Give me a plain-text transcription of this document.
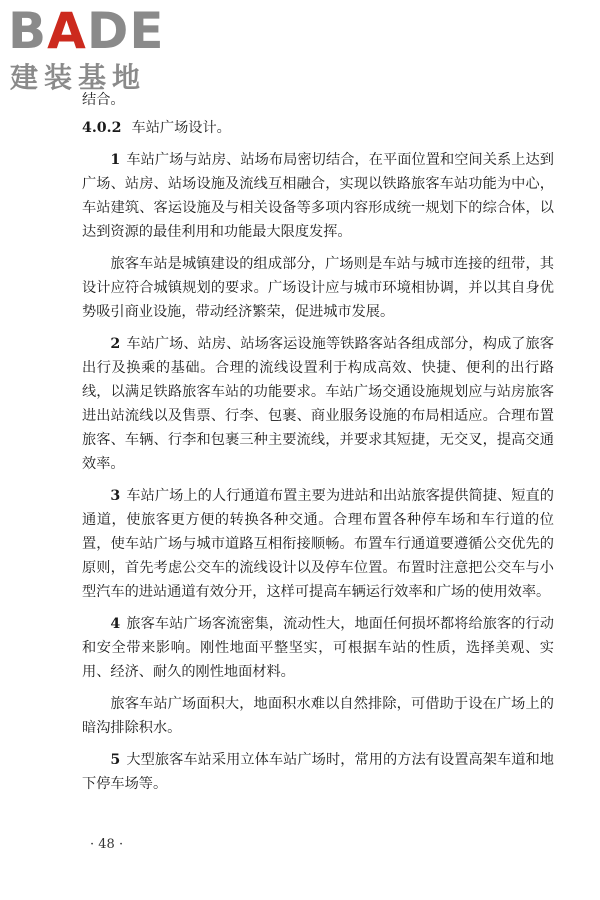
BADE
建装基地

结合。

4.0.2 车站广场设计。

1 车站广场与站房、站场布局密切结合，在平面位置和空间关系上达到广场、站房、站场设施及流线互相融合，实现以铁路旅客车站功能为中心，车站建筑、客运设施及与相关设备等多项内容形成统一规划下的综合体，以达到资源的最佳利用和功能最大限度发挥。

旅客车站是城镇建设的组成部分，广场则是车站与城市连接的纽带，其设计应符合城镇规划的要求。广场设计应与城市环境相协调，并以其自身优势吸引商业设施，带动经济繁荣，促进城市发展。

2 车站广场、站房、站场客运设施等铁路客站各组成部分，构成了旅客出行及换乘的基础。合理的流线设置利于构成高效、快捷、便利的出行路线，以满足铁路旅客车站的功能要求。车站广场交通设施规划应与站房旅客进出站流线以及售票、行李、包裹、商业服务设施的布局相适应。合理布置旅客、车辆、行李和包裹三种主要流线，并要求其短捷，无交叉，提高交通效率。

3 车站广场上的人行通道布置主要为进站和出站旅客提供简捷、短直的通道，使旅客更方便的转换各种交通。合理布置各种停车场和车行道的位置，使车站广场与城市道路互相衔接顺畅。布置车行通道要遵循公交优先的原则，首先考虑公交车的流线设计以及停车位置。布置时注意把公交车与小型汽车的进站通道有效分开，这样可提高车辆运行效率和广场的使用效率。

4 旅客车站广场客流密集，流动性大，地面任何损坏都将给旅客的行动和安全带来影响。刚性地面平整坚实，可根据车站的性质，选择美观、实用、经济、耐久的刚性地面材料。

旅客车站广场面积大，地面积水难以自然排除，可借助于设在广场上的暗沟排除积水。

5 大型旅客车站采用立体车站广场时，常用的方法有设置高架车道和地下停车场等。

· 48 ·
